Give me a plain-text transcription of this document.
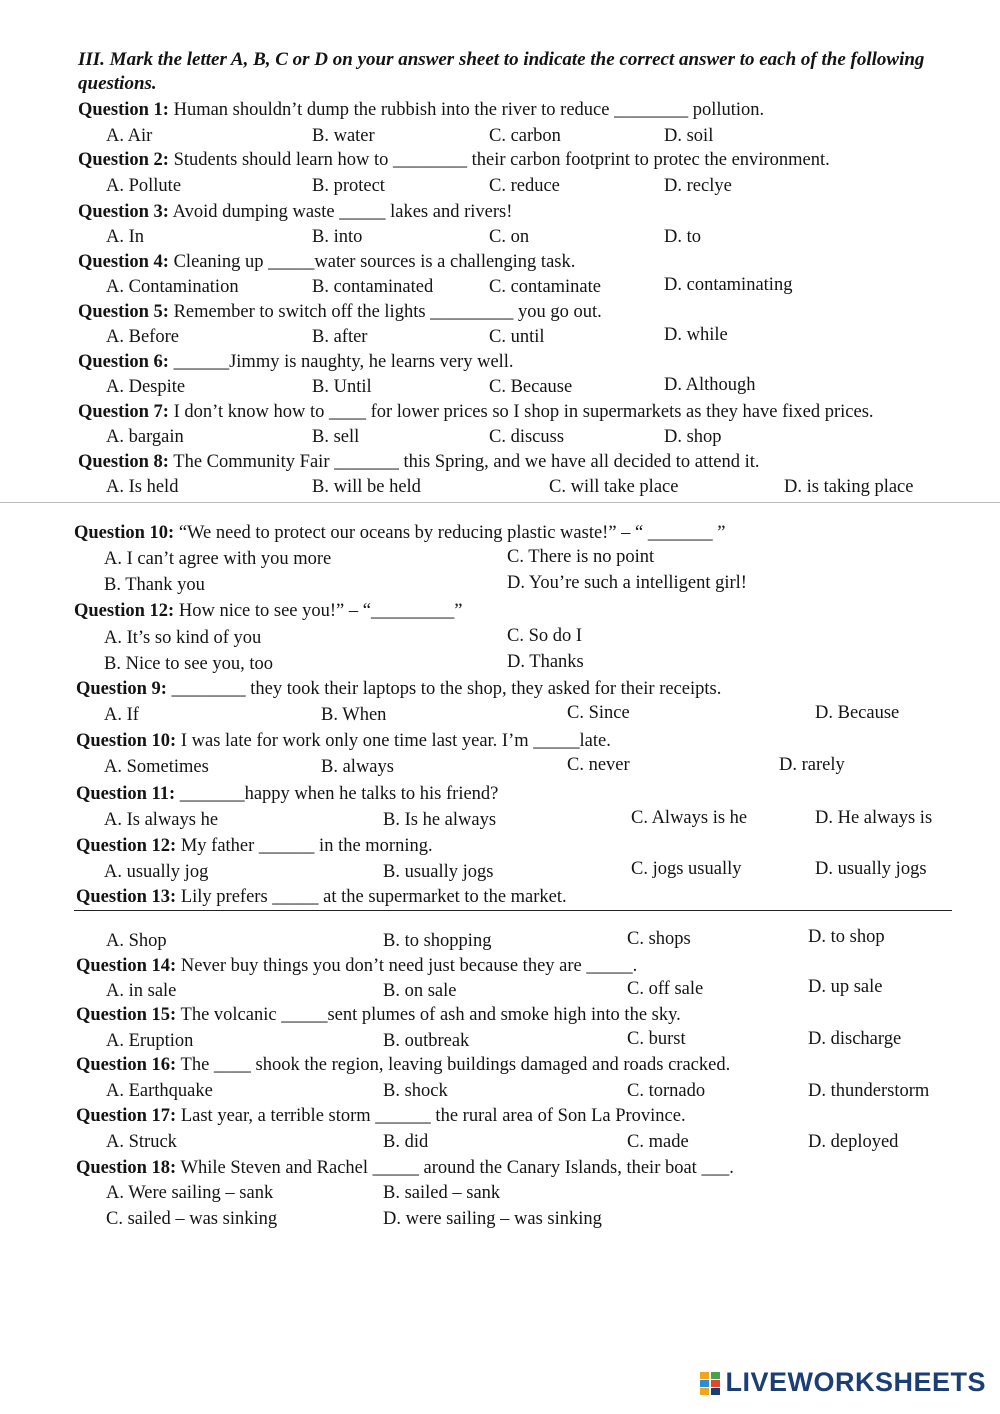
III. Mark the letter A, B, C or D on your answer sheet to indicate the correct answer to each of the following questions.
Question 1: Human shouldn’t dump the rubbish into the river to reduce ________ pollution.
A. Air	B. water	C. carbon	D. soil
Question 2: Students should learn how to ________ their carbon footprint to protec the environment.
A. Pollute	B. protect	C. reduce	D. reclye
Question 3: Avoid dumping waste _____ lakes and rivers!
A. In	B. into	C. on	D. to
Question 4: Cleaning up _____water sources is a challenging task.
A. Contamination	B. contaminated	C. contaminate	D. contaminating
Question 5: Remember to switch off the lights _________ you go out.
A. Before	B. after	C. until	D. while
Question 6: ______Jimmy is naughty, he learns very well.
A. Despite	B. Until	C. Because	D. Although
Question 7: I don’t know how to ____ for lower prices so I shop in supermarkets as they have fixed prices.
A. bargain	B. sell	C. discuss	D. shop
Question 8: The Community Fair _______ this Spring, and we have all decided to attend it.
A. Is held	B. will be held	C. will take place	D. is taking place
Question 10: “We need to protect our oceans by reducing plastic waste!” – “ _______ ”
A. I can’t agree with you more	C. There is no point
B. Thank you	D. You’re such a intelligent girl!
Question 12: How nice to see you!” – “_________”
A. It’s so kind of you	C. So do I
B. Nice to see you, too	D. Thanks
Question 9: ________ they took their laptops to the shop, they asked for their receipts.
A. If	B. When	C. Since	D. Because
Question 10: I was late for work only one time last year. I’m _____late.
A. Sometimes	B. always	C. never	D. rarely
Question 11: _______happy when he talks to his friend?
A. Is always he	B. Is he always	C. Always is he	D. He always is
Question 12: My father ______ in the morning.
A. usually jog	B. usually jogs	C. jogs usually	D. usually jogs
Question 13: Lily prefers _____ at the supermarket to the market.
A. Shop	B. to shopping	C. shops	D. to shop
Question 14: Never buy things you don’t need just because they are _____.
A. in sale	B. on sale	C. off sale	D. up sale
Question 15: The volcanic _____sent plumes of ash and smoke high into the sky.
A. Eruption	B. outbreak	C. burst	D. discharge
Question 16: The ____ shook the region, leaving buildings damaged and roads cracked.
A. Earthquake	B. shock	C. tornado	D. thunderstorm
Question 17: Last year, a terrible storm ______ the rural area of Son La Province.
A. Struck	B. did	C. made	D. deployed
Question 18: While Steven and Rachel _____ around the Canary Islands, their boat ___.
A. Were sailing – sank	B. sailed – sank
C. sailed – was sinking	D. were sailing – was sinking
LIVEWORKSHEETS
